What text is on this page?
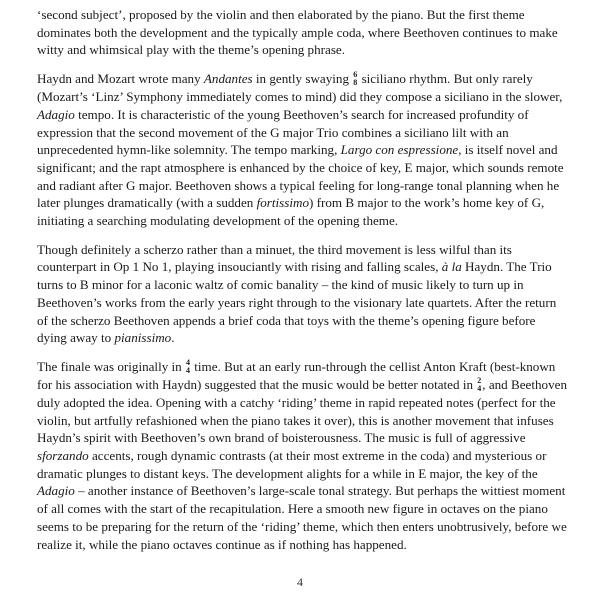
‘second subject’, proposed by the violin and then elaborated by the piano. But the first theme dominates both the development and the typically ample coda, where Beethoven continues to make witty and whimsical play with the theme’s opening phrase.

Haydn and Mozart wrote many Andantes in gently swaying 6
8 siciliano rhythm. But only rarely (Mozart’s ‘Linz’ Symphony immediately comes to mind) did they compose a siciliano in the slower, Adagio tempo. It is characteristic of the young Beethoven’s search for increased profundity of expression that the second movement of the G major Trio combines a siciliano lilt with an unprecedented hymn-like solemnity. The tempo marking, Largo con espressione, is itself novel and significant; and the rapt atmosphere is enhanced by the choice of key, E major, which sounds remote and radiant after G major. Beethoven shows a typical feeling for long-range tonal planning when he later plunges dramatically (with a sudden fortissimo) from B major to the work’s home key of G, initiating a searching modulating development of the opening theme.

Though definitely a scherzo rather than a minuet, the third movement is less wilful than its counterpart in Op 1 No 1, playing insouciantly with rising and falling scales, à la Haydn. The Trio turns to B minor for a laconic waltz of comic banality – the kind of music likely to turn up in Beethoven’s works from the early years right through to the visionary late quartets. After the return of the scherzo Beethoven appends a brief coda that toys with the theme’s opening figure before dying away to pianissimo.

The finale was originally in 4
4 time. But at an early run-through the cellist Anton Kraft (best-known for his association with Haydn) suggested that the music would be better notated in 2
4 , and Beethoven duly adopted the idea. Opening with a catchy ‘riding’ theme in rapid repeated notes (perfect for the violin, but artfully refashioned when the piano takes it over), this is another movement that infuses Haydn’s spirit with Beethoven’s own brand of boisterousness. The music is full of aggressive sforzando accents, rough dynamic contrasts (at their most extreme in the coda) and mysterious or dramatic plunges to distant keys. The development alights for a while in E major, the key of the Adagio – another instance of Beethoven’s large-scale tonal strategy. But perhaps the wittiest moment of all comes with the start of the recapitulation. Here a smooth new figure in octaves on the piano seems to be preparing for the return of the ‘riding’ theme, which then enters unobtrusively, before we realize it, while the piano octaves continue as if nothing has happened.

4
